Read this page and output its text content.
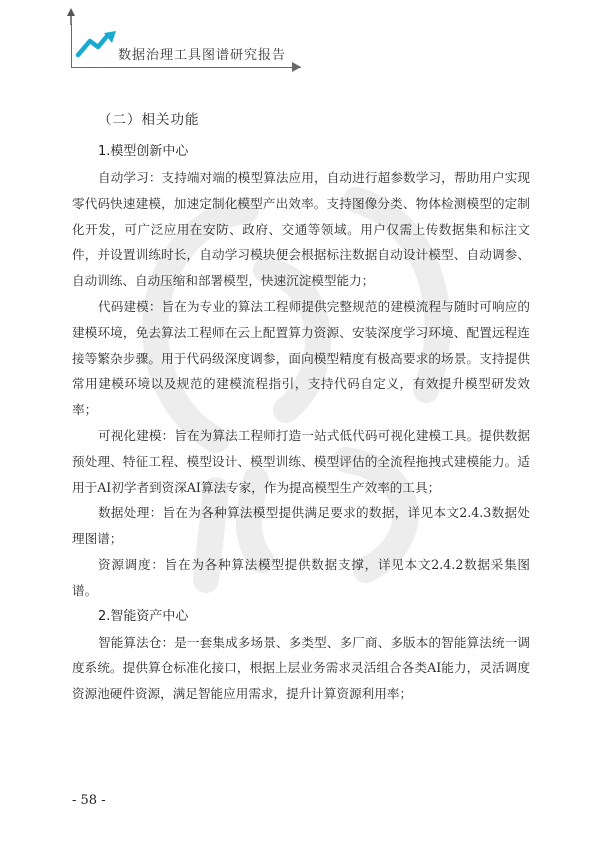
数据治理工具图谱研究报告
（二）相关功能
1.模型创新中心

自动学习：支持端对端的模型算法应用，自动进行超参数学习，帮助用户实现零代码快速建模，加速定制化模型产出效率。支持图像分类、物体检测模型的定制化开发，可广泛应用在安防、政府、交通等领域。用户仅需上传数据集和标注文件，并设置训练时长，自动学习模块便会根据标注数据自动设计模型、自动调参、自动训练、自动压缩和部署模型，快速沉淀模型能力；

代码建模：旨在为专业的算法工程师提供完整规范的建模流程与随时可响应的建模环境，免去算法工程师在云上配置算力资源、安装深度学习环境、配置远程连接等繁杂步骤。用于代码级深度调参，面向模型精度有极高要求的场景。支持提供常用建模环境以及规范的建模流程指引，支持代码自定义，有效提升模型研发效率；

可视化建模：旨在为算法工程师打造一站式低代码可视化建模工具。提供数据预处理、特征工程、模型设计、模型训练、模型评估的全流程拖拽式建模能力。适用于AI初学者到资深AI算法专家，作为提高模型生产效率的工具；

数据处理：旨在为各种算法模型提供满足要求的数据，详见本文2.4.3数据处理图谱；

资源调度：旨在为各种算法模型提供数据支撑，详见本文2.4.2数据采集图谱。

2.智能资产中心

智能算法仓：是一套集成多场景、多类型、多厂商、多版本的智能算法统一调度系统。提供算仓标准化接口，根据上层业务需求灵活组合各类AI能力，灵活调度资源池硬件资源，满足智能应用需求，提升计算资源利用率；

- 58 -
